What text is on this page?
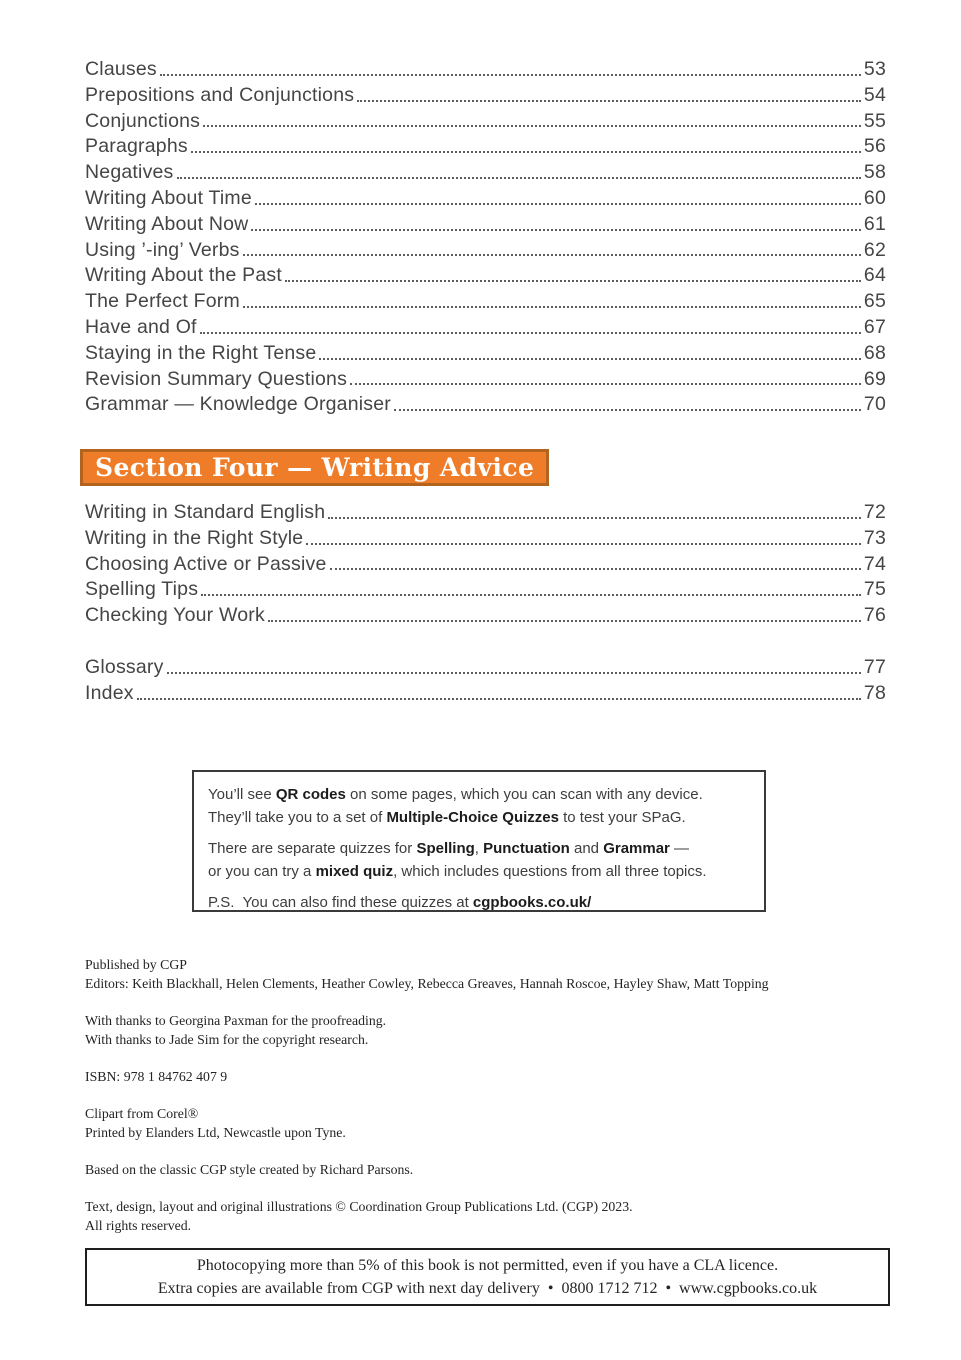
Clauses	53
Prepositions and Conjunctions	54
Conjunctions	55
Paragraphs	56
Negatives	58
Writing About Time	60
Writing About Now	61
Using ’-ing’ Verbs	62
Writing About the Past	64
The Perfect Form	65
Have and Of	67
Staying in the Right Tense	68
Revision Summary Questions	69
Grammar — Knowledge Organiser	70
Section Four — Writing Advice
Writing in Standard English	72
Writing in the Right Style	73
Choosing Active or Passive	74
Spelling Tips	75
Checking Your Work	76
Glossary	77
Index	78
You’ll see QR codes on some pages, which you can scan with any device.
They’ll take you to a set of Multiple-Choice Quizzes to test your SPaG.
There are separate quizzes for Spelling, Punctuation and Grammar —
or you can try a mixed quiz, which includes questions from all three topics.
P.S.  You can also find these quizzes at cgpbooks.co.uk/
Published by CGP
Editors: Keith Blackhall, Helen Clements, Heather Cowley, Rebecca Greaves, Hannah Roscoe, Hayley Shaw, Matt Topping
With thanks to Georgina Paxman for the proofreading.
With thanks to Jade Sim for the copyright research.
ISBN: 978 1 84762 407 9
Clipart from Corel®
Printed by Elanders Ltd, Newcastle upon Tyne.
Based on the classic CGP style created by Richard Parsons.
Text, design, layout and original illustrations © Coordination Group Publications Ltd. (CGP) 2023.
All rights reserved.
Photocopying more than 5% of this book is not permitted, even if you have a CLA licence.
Extra copies are available from CGP with next day delivery  •  0800 1712 712  •  www.cgpbooks.co.uk
